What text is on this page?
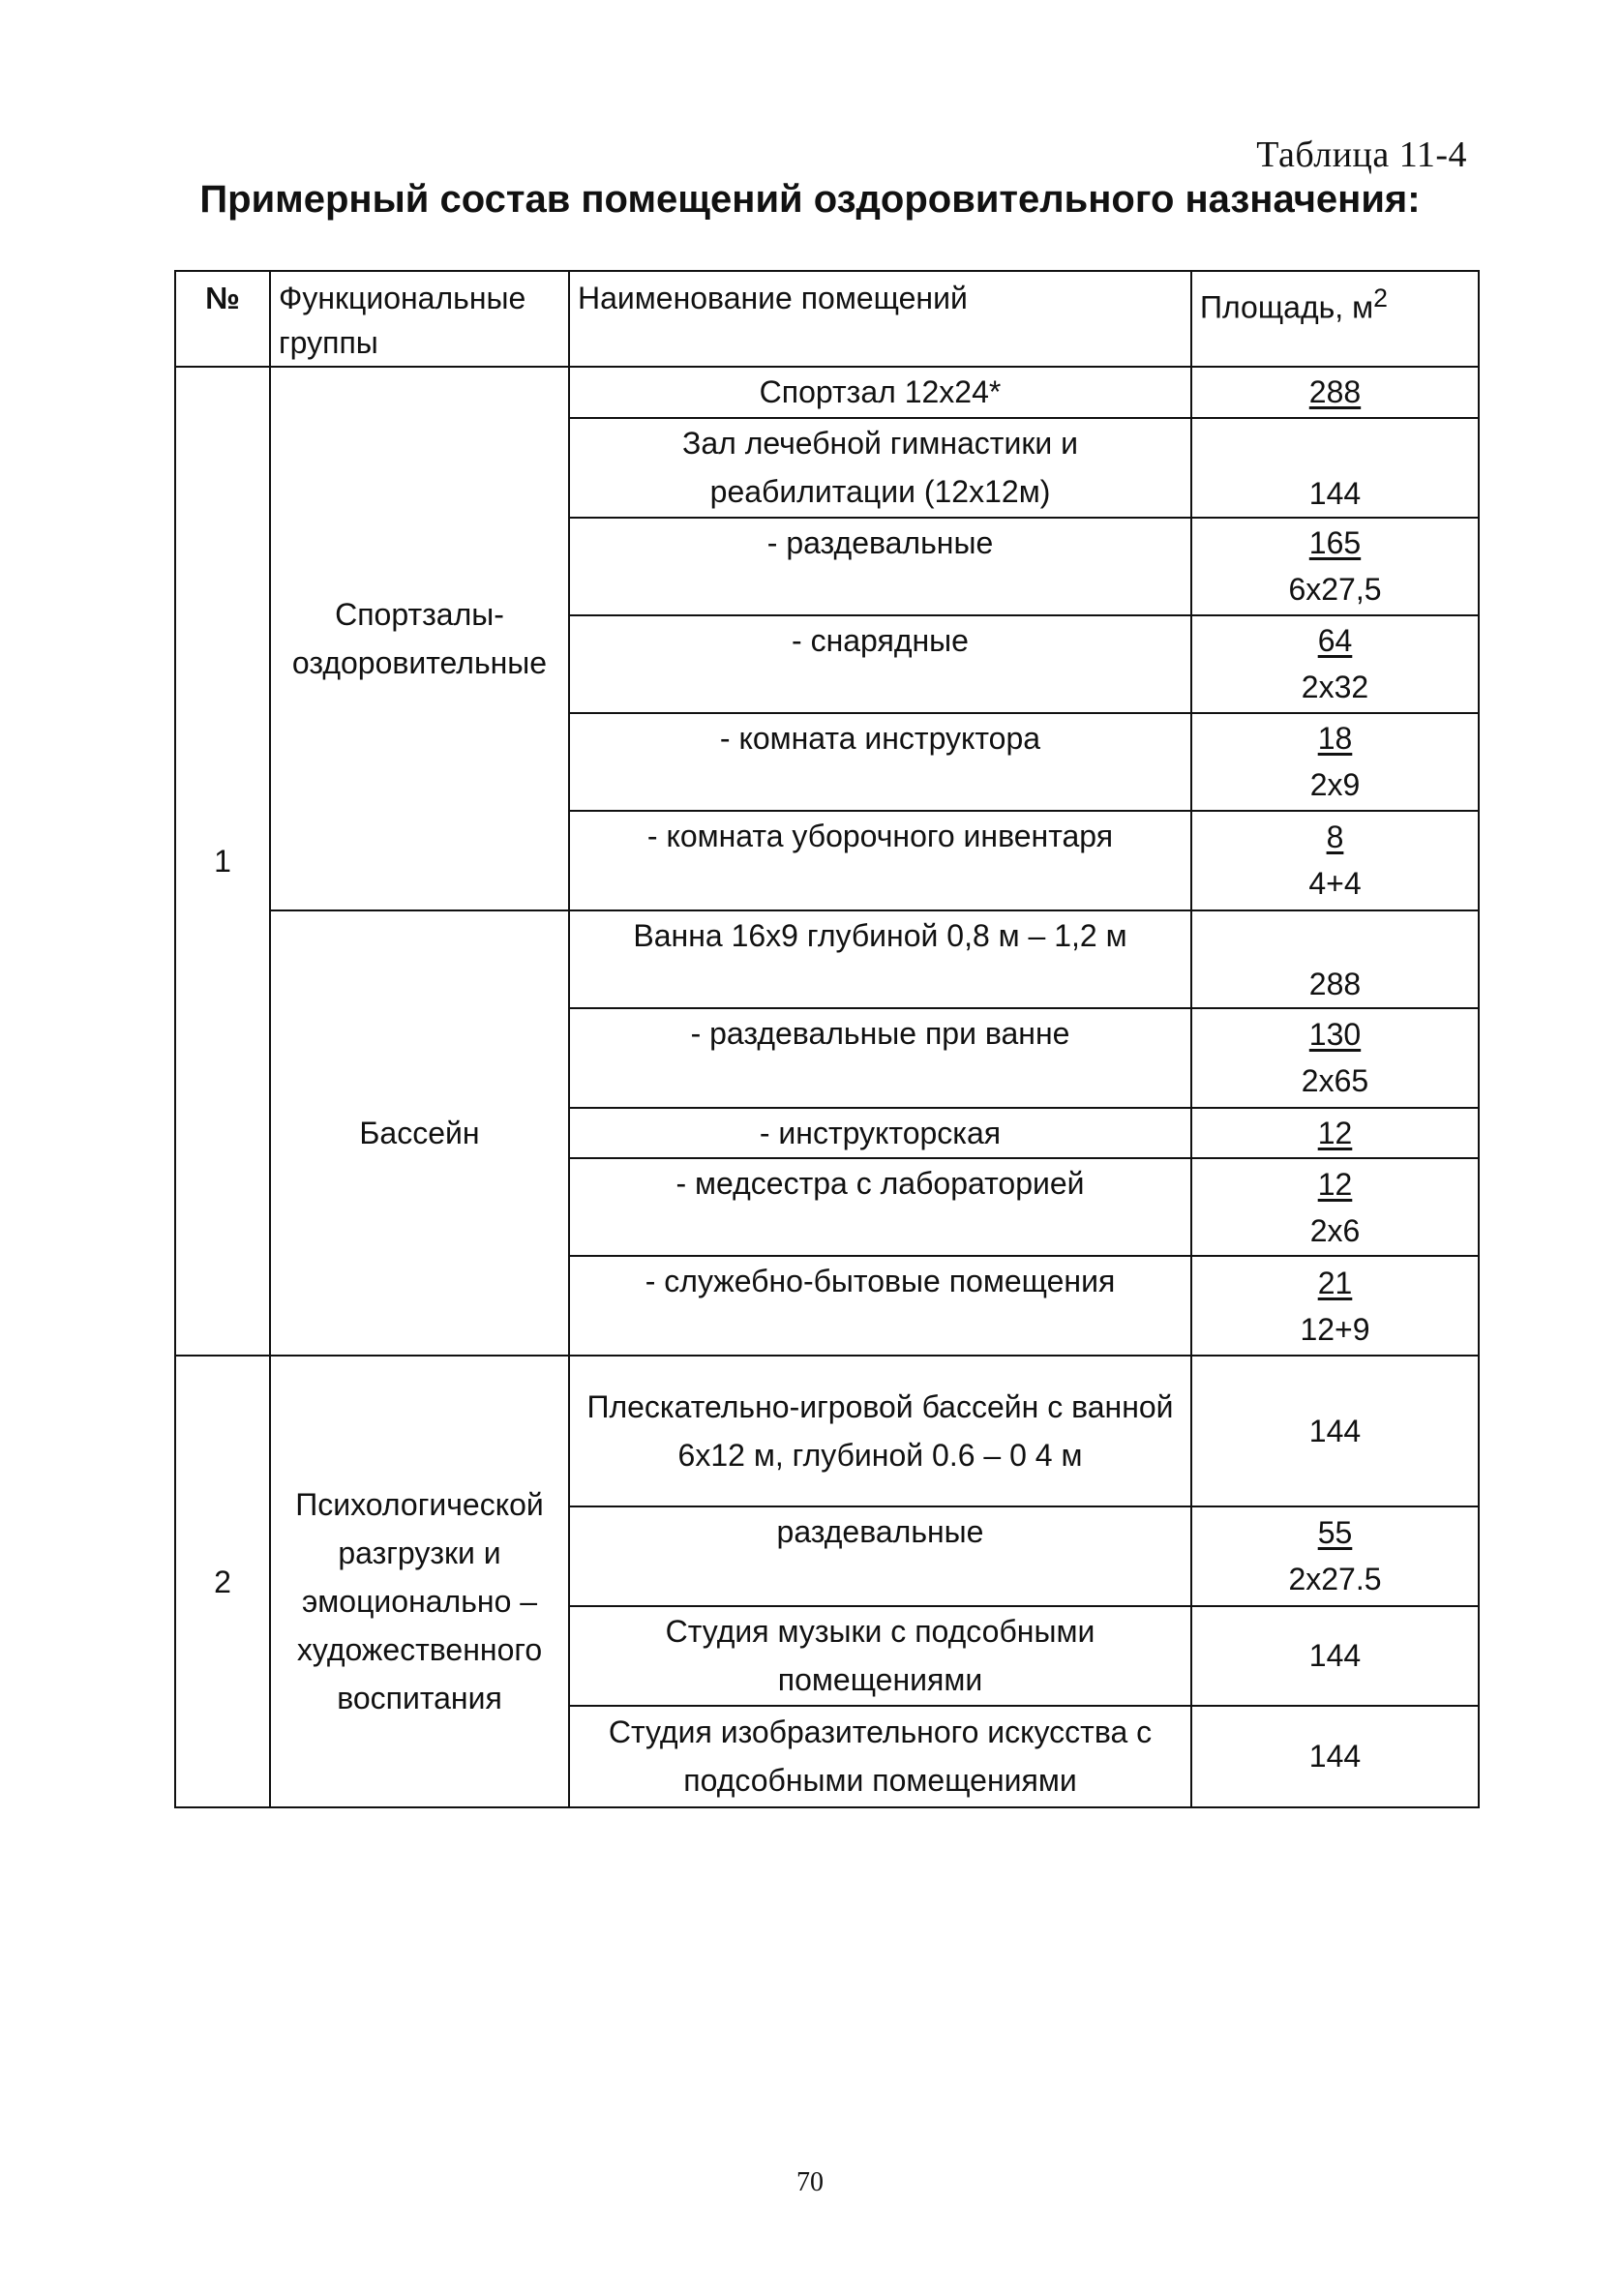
Таблица 11-4
Примерный состав помещений оздоровительного назначения:
№	Функциональные группы	Наименование помещений	Площадь, $м^2$
1	Спортзалы-оздоровительные	Спортзал 12х24*	288

		Зал лечебной гимнастики и реабилитации (12х12м)	144

		- раздевальные	165
6х27,5

		- снарядные	64
2х32

		- комната инструктора	18
2х9

		- комната уборочного инвентаря	8
4+4

	Бассейн	Ванна 16х9 глубиной 0,8 м – 1,2 м	288

		- раздевальные при ванне	130
2х65

		- инструкторская	12

		- медсестра с лабораторией	12
2х6

		- служебно-бытовые помещения	21
12+9

2	Психологической разгрузки и эмоционально – художественного воспитания	Плескательно-игровой бассейн с ванной 6х12 м, глубиной 0.6 – 0 4 м	144

		раздевальные	55
2х27.5

		Студия музыки с подсобными помещениями	144

		Студия изобразительного искусства с подсобными помещениями	144
70
